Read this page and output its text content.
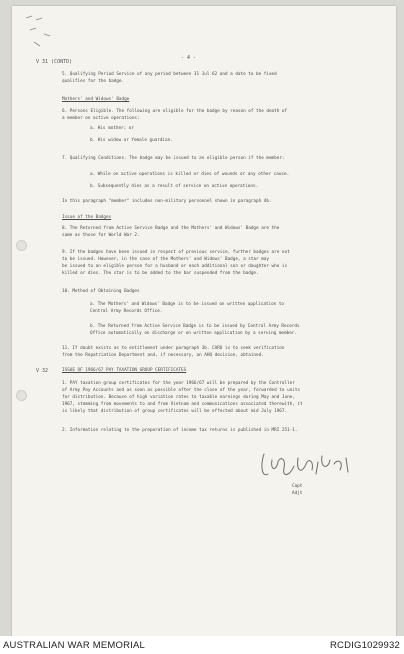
- 4 -
V 31 (CONTD)
5. Qualifying Period Service of any period between 31 Jul 62 and a date to be fixed
qualifies for the badge.
Mothers' and Widows' Badge
6. Persons Eligible. The following are eligible for the badge by reason of the death of
a member on active operations:
a. His mother; or
b. His widow or female guardian.
7. Qualifying Conditions. The badge may be issued to an eligible person if the member:
a. While on active operations is killed or dies of wounds or any other cause.
b. Subsequently dies as a result of service on active operations.
In this paragraph "member" includes non-military personnel shown in paragraph 4b.
Issue of the Badges
8. The Returned from Active Service Badge and the Mothers' and Widows' Badge are the
same as those for World War 2.
9. If the badges have been issued in respect of previous service, further badges are not
to be issued. However, in the case of the Mothers' and Widows' Badge, a star may
be issued to an eligible person for a husband or each additional son or daughter who is
killed or dies. The star is to be added to the bar suspended from the badge.
10. Method of Obtaining Badges
a. The Mothers' and Widows' Badge is to be issued on written application to
Central Army Records Office.
b. The Returned from Active Service Badge is to be issued by Central Army Records
Office automatically on discharge or on written application by a serving member.
11. If doubt exists as to entitlement under paragraph 3b. CARO is to seek verification
from the Repatriation Department and, if necessary, an AHQ decision, obtained.
V 32	ISSUE OF 1966/67 PAY TAXATION GROUP CERTIFICATES
1. PAY taxation group certificates for the year 1966/67 will be prepared by the Controller
of Army Pay Accounts and as soon as possible after the close of the year, forwarded to units
for distribution. Because of high variation rates to taxable earnings during May and June,
1967, stemming from movements to and from Vietnam and communications associated therewith, it
is likely that distribution of group certificates will be effected about mid July 1967.
2. Information relating to the preparation of income tax returns is published in MRI 251-1.
Capt
Adjt
AUSTRALIAN WAR MEMORIAL	RCDIG1029932
